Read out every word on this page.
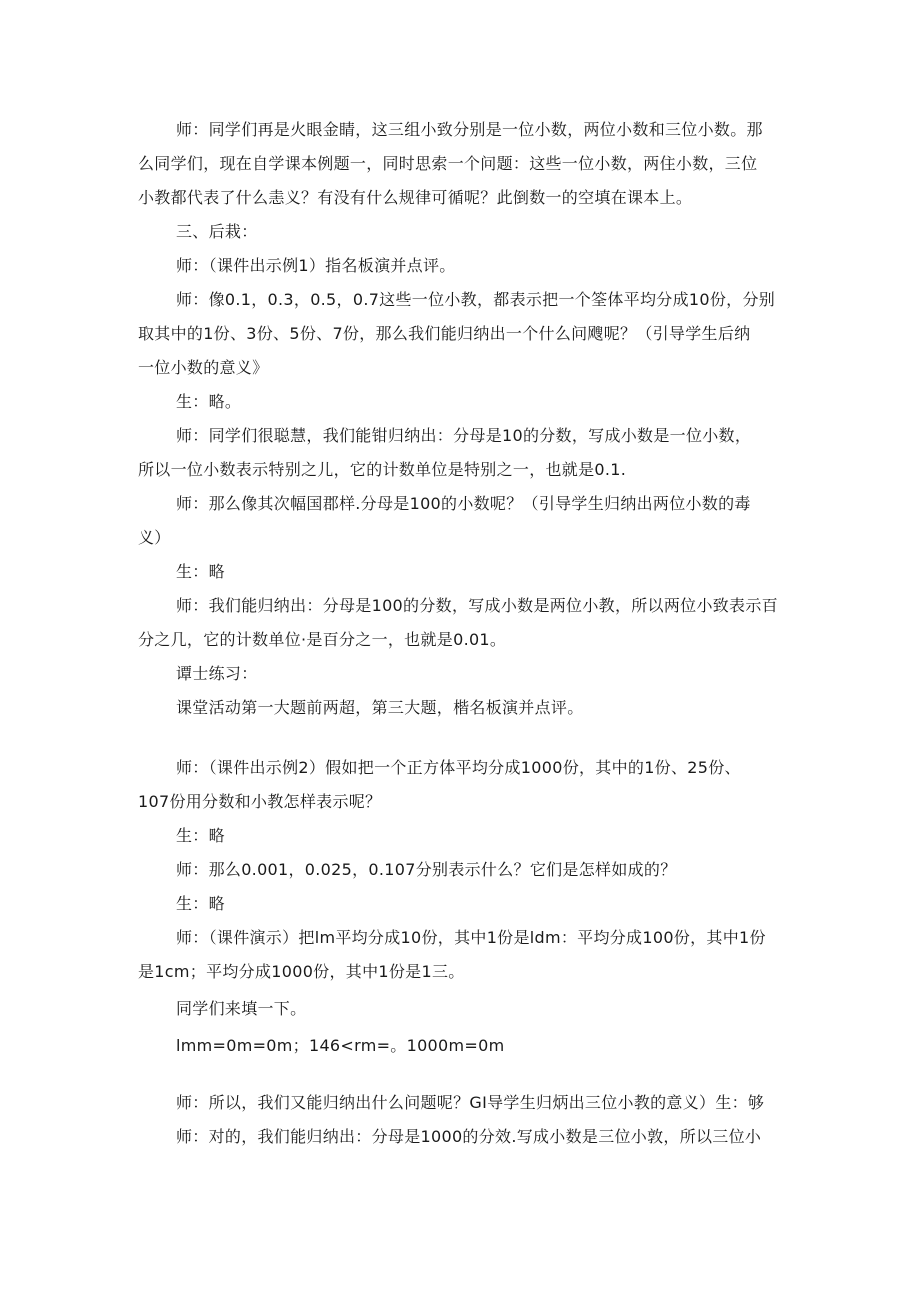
师：同学们再是火眼金睛，这三组小致分别是一位小数，两位小数和三位小数。那
么同学们，现在自学课本例题一，同时思索一个问题：这些一位小数，两住小数，三位
小教都代表了什么恚义？有没有什么规律可循呢？此倒数一的空填在课本上。
三、后栽：
师：（课件出示例1）指名板演并点评。
师：像0.1，0.3，0.5，0.7这些一位小教，都表示把一个筌体平均分成10份，分别
取其中的1份、3份、5份、7份，那么我们能归纳出一个什么问飕呢？（引导学生后纳
一位小数的意义》
生：略。
师：同学们很聪慧，我们能钳归纳出：分母是10的分数，写成小数是一位小数，
所以一位小数表示特别之儿，它的计数单位是特别之一，也就是0.1.
师：那么像其次幅国郡样.分母是100的小数呢？（引导学生归纳出两位小数的毒
义）
生：略
师：我们能归纳出：分母是100的分数，写成小数是两位小教，所以两位小致表示百
分之几，它的计数单位·是百分之一，也就是0.01。
谭士练习：
课堂活动第一大题前两超，第三大题，楷名板演并点评。
师：（课件出示例2）假如把一个正方体平均分成1000份，其中的1份、25份、
107份用分数和小教怎样表示呢？
生：略
师：那么0.001，0.025，0.107分别表示什么？它们是怎样如成的？
生：略
师：（课件演示）把lm平均分成10份，其中1份是ldm：平均分成100份，其中1份
是1cm；平均分成1000份，其中1份是1三。
同学们来填一下。
lmm=0m=0m；146<rm=。1000m=0m
师：所以，我们又能归纳出什么问题呢？GI导学生归炳出三位小教的意义）生：够
师：对的，我们能归纳出：分母是1000的分效.写成小数是三位小敦，所以三位小
